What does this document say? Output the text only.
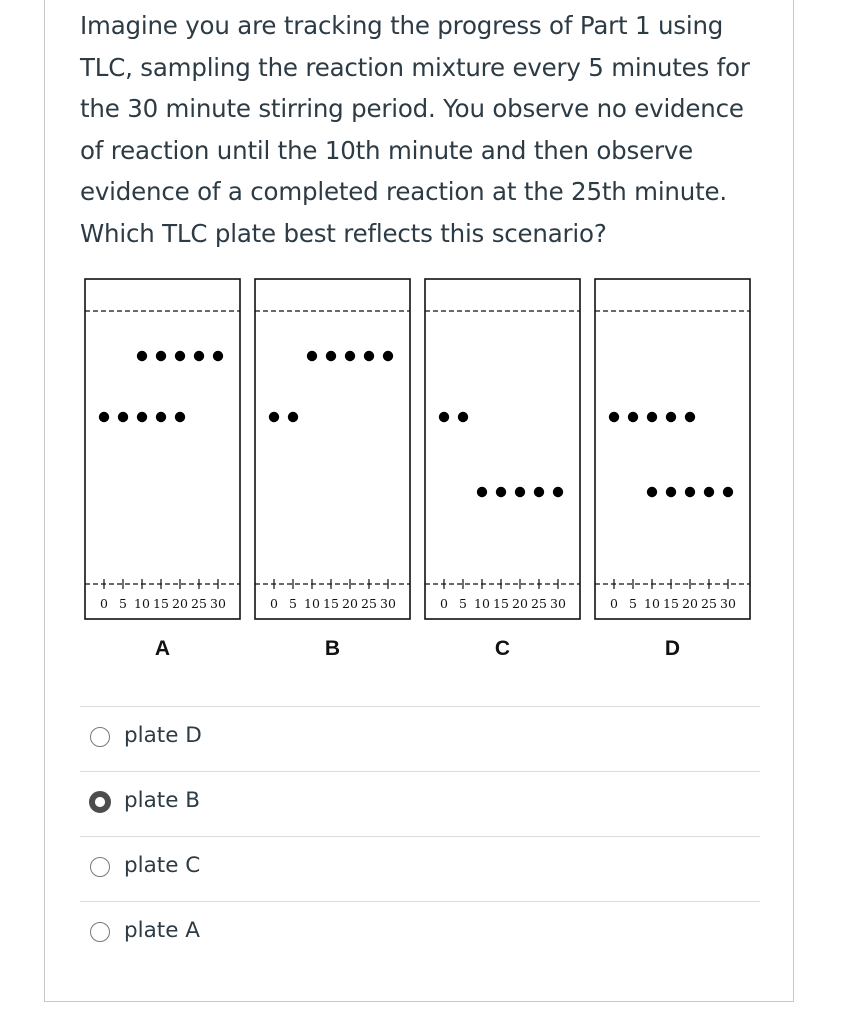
Imagine you are tracking the progress of Part 1 using TLC, sampling the reaction mixture every 5 minutes for the 30 minute stirring period. You observe no evidence of reaction until the 10th minute and then observe evidence of a completed reaction at the 25th minute. Which TLC plate best reflects this scenario?

0 5 10 15 20 25 30
A
0 5 10 15 20 25 30
B
0 5 10 15 20 25 30
C
0 5 10 15 20 25 30
D
plate D
plate B
plate C
plate A
